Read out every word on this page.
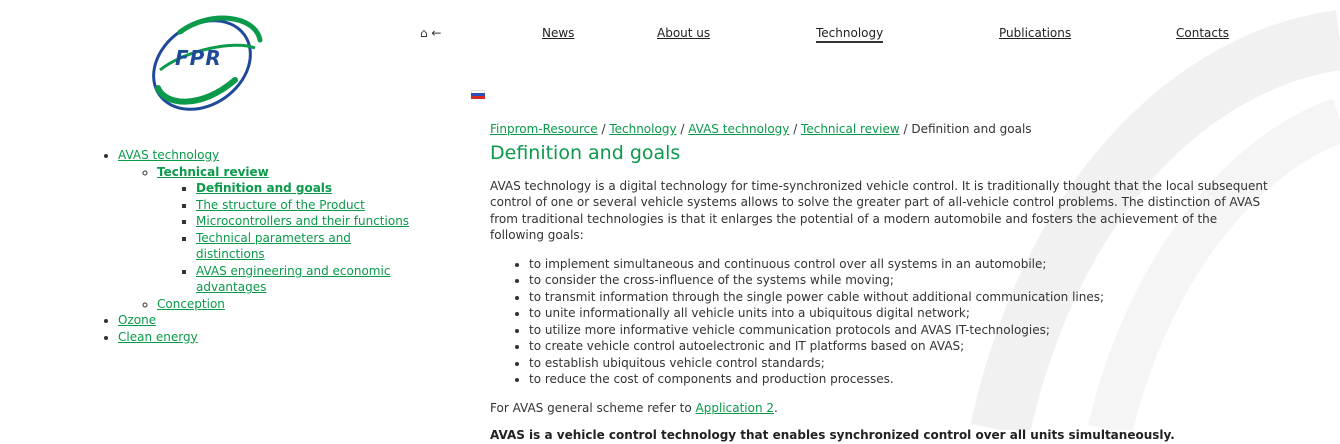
FPR
⌂ ←	News	About us	Technology	Publications	Contacts
• AVAS technology
◦ Technical review
▪ Definition and goals
▪ The structure of the Product
▪ Microcontrollers and their functions
▪ Technical parameters and distinctions
▪ AVAS engineering and economic advantages
◦ Conception
• Ozone
• Clean energy
Finprom-Resource / Technology / AVAS technology / Technical review / Definition and goals
Definition and goals

AVAS technology is a digital technology for time-synchronized vehicle control. It is traditionally thought that the local subsequent control of one or several vehicle systems allows to solve the greater part of all-vehicle control problems. The distinction of AVAS from traditional technologies is that it enlarges the potential of a modern automobile and fosters the achievement of the following goals:

• to implement simultaneous and continuous control over all systems in an automobile;
• to consider the cross-influence of the systems while moving;
• to transmit information through the single power cable without additional communication lines;
• to unite informationally all vehicle units into a ubiquitous digital network;
• to utilize more informative vehicle communication protocols and AVAS IT-technologies;
• to create vehicle control autoelectronic and IT platforms based on AVAS;
• to establish ubiquitous vehicle control standards;
• to reduce the cost of components and production processes.

For AVAS general scheme refer to Application 2.

AVAS is a vehicle control technology that enables synchronized control over all units simultaneously.
